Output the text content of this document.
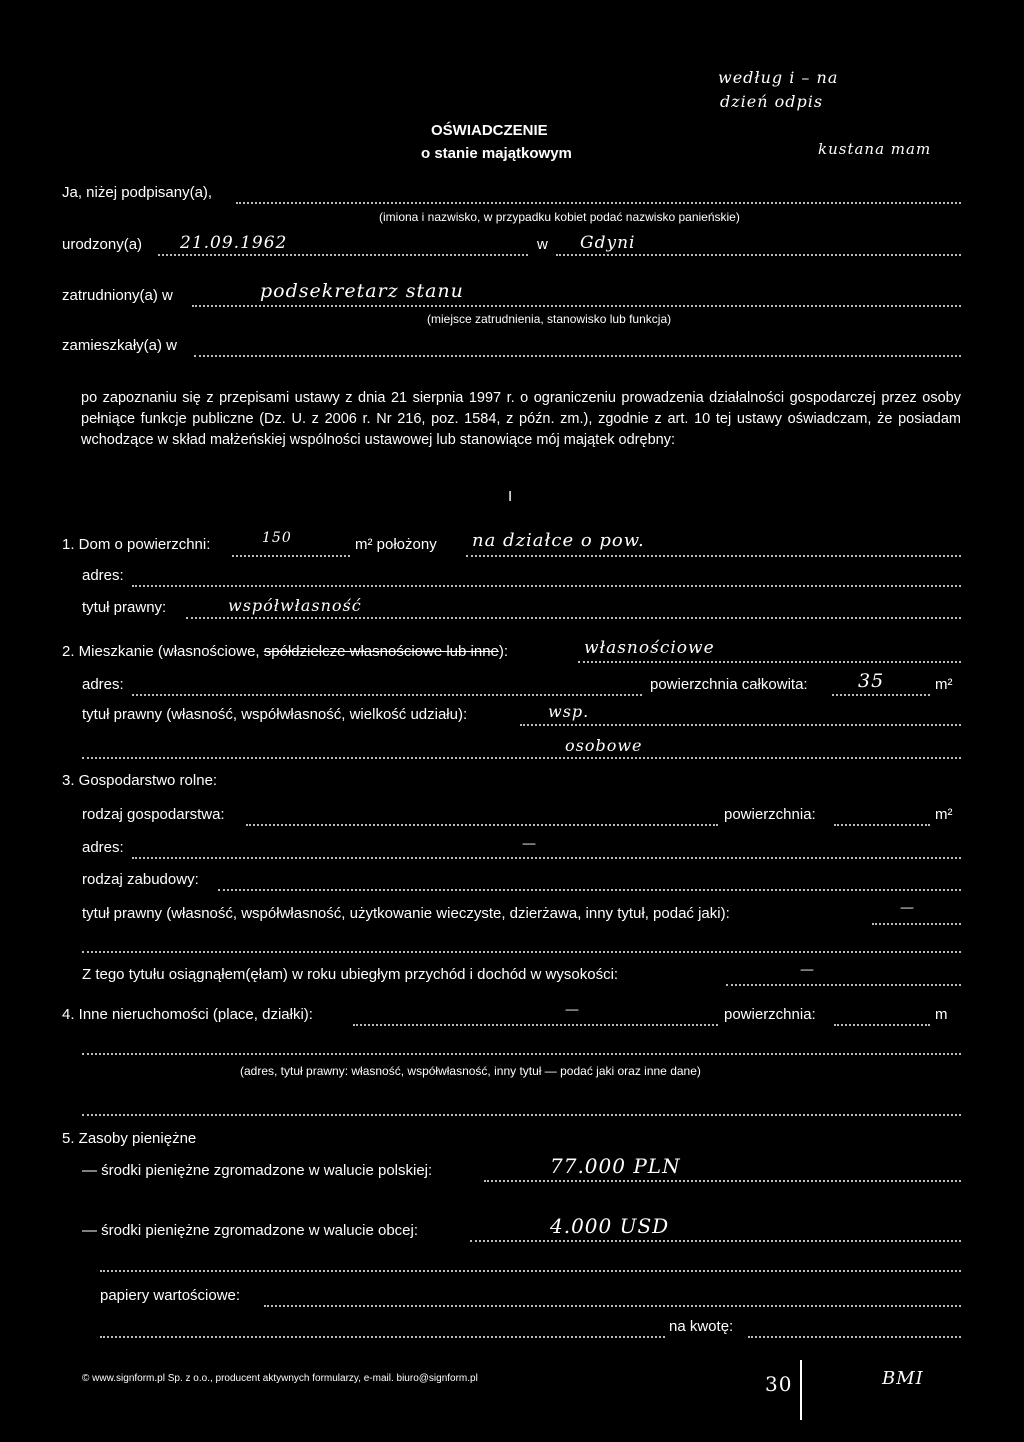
OŚWIADCZENIE
o stanie majątkowym
według i – na
dzień odpis
kustana mam
Ja, niżej podpisany(a),
(imiona i nazwisko, w przypadku kobiet podać nazwisko panieńskie)
urodzony(a) 21.09.1962	w Gdyni
zatrudniony(a) w	podsekretarz stanu
(miejsce zatrudnienia, stanowisko lub funkcja)
zamieszkały(a) w
po zapoznaniu się z przepisami ustawy z dnia 21 sierpnia 1997 r. o ograniczeniu prowadzenia działalności gospodarczej przez osoby pełniące funkcje publiczne (Dz. U. z 2006 r. Nr 216, poz. 1584, z późn. zm.), zgodnie z art. 10 tej ustawy oświadczam, że posiadam wchodzące w skład małżeńskiej wspólności ustawowej lub stanowiące mój majątek odrębny:
I
1. Dom o powierzchni:	150	m² położony na działce o pow.
adres:
tytuł prawny:	współwłasność
2. Mieszkanie (własnościowe, spółdzielcze własnościowe lub inne):	własnościowe
adres:	powierzchnia całkowita:	35	m²
tytuł prawny (własność, współwłasność, wielkość udziału):	wsp.
osobowe
3. Gospodarstwo rolne:
rodzaj gospodarstwa:	powierzchnia:	m²
adres:	—
rodzaj zabudowy:
tytuł prawny (własność, współwłasność, użytkowanie wieczyste, dzierżawa, inny tytuł, podać jaki):	—
Z tego tytułu osiągnąłem(ęłam) w roku ubiegłym przychód i dochód w wysokości:	—
4. Inne nieruchomości (place, działki):	—	powierzchnia:	m
(adres, tytuł prawny: własność, współwłasność, inny tytuł — podać jaki oraz inne dane)
5. Zasoby pieniężne
— środki pieniężne zgromadzone w walucie polskiej:	77.000 PLN
— środki pieniężne zgromadzone w walucie obcej:	4.000 USD
papiery wartościowe:
na kwotę:
© www.signform.pl Sp. z o.o., producent aktywnych formularzy, e-mail. biuro@signform.pl	30	BMI
